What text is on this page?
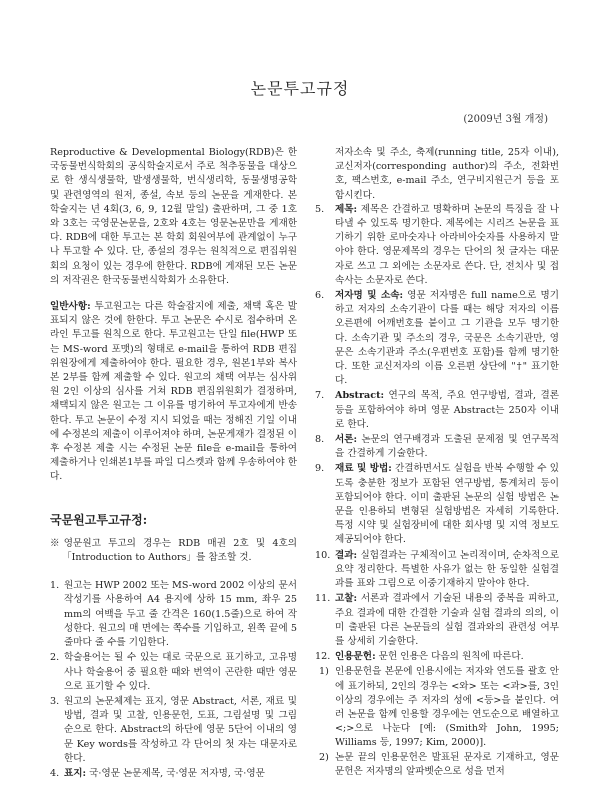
논문투고규정
(2009년 3월 개정)

Reproductive & Developmental Biology(RDB)은 한국동물번식학회의 공식학술지로서 주로 척추동물을 대상으로 한 생식생물학, 발생생물학, 번식생리학, 동물생명공학 및 관련영역의 원저, 종설, 속보 등의 논문을 게재한다. 본 학술지는 년 4회(3, 6, 9, 12월 말일) 출판하며, 그 중 1호와 3호는 국영문논문을, 2호와 4호는 영문논문만을 게재한다. RDB에 대한 투고는 본 학회 회원여부에 관계없이 누구나 투고할 수 있다. 단, 종설의 경우는 원칙적으로 편집위원회의 요청이 있는 경우에 한한다. RDB에 게재된 모든 논문의 저작권은 한국동물번식학회가 소유한다.

일반사항: 투고원고는 다른 학술잡지에 제출, 채택 혹은 발표되지 않은 것에 한한다. 투고 논문은 수시로 접수하며 온라인 투고를 원칙으로 한다. 투고원고는 단일 file(HWP 또는 MS-word 포맷)의 형태로 e-mail을 통하여 RDB 편집위원장에게 제출하여야 한다. 필요한 경우, 원본1부와 복사본 2부를 함께 제출할 수 있다. 원고의 채택 여부는 심사위원 2인 이상의 심사를 거쳐 RDB 편집위원회가 결정하며, 채택되지 않은 원고는 그 이유를 명기하여 투고자에게 반송한다. 투고 논문이 수정 지시 되었을 때는 정해진 기일 이내에 수정본의 제출이 이루어져야 하며, 논문게재가 결정된 이 후 수정본 제출 시는 수정된 논문 file을 e-mail을 통하여 제출하거나 인쇄본1부를 파일 디스켓과 함께 우송하여야 한다.

국문원고투고규정:

※영문원고 투고의 경우는 RDB 매권 2호 및 4호의 「Introduction to Authors」를 참조할 것.

1. 원고는 HWP 2002 또는 MS-word 2002 이상의 문서작성기를 사용하여 A4 용지에 상하 15 mm, 좌우 25 mm의 여백을 두고 줄 간격은 160(1.5줄)으로 하여 작성한다. 원고의 매 면에는 쪽수를 기입하고, 왼쪽 끝에 5줄마다 줄 수를 기입한다.
2. 학술용어는 될 수 있는 대로 국문으로 표기하고, 고유명사나 학술용어 중 필요한 때와 번역이 곤란한 때만 영문으로 표기할 수 있다.
3. 원고의 논문체제는 표지, 영문 Abstract, 서론, 재료 및 방법, 결과 및 고찰, 인용문헌, 도표, 그림설명 및 그림 순으로 한다. Abstract의 하단에 영문 5단어 이내의 영문 Key words를 작성하고 각 단어의 첫 자는 대문자로 한다.
4. 표지: 국·영문 논문제목, 국·영문 저자명, 국·영문

저자소속 및 주소, 축제(running title, 25자 이내), 교신저자(corresponding author)의 주소, 전화번호, 팩스번호, e-mail 주소, 연구비지원근거 등을 포함시킨다.

5. 제목: 제목은 간결하고 명확하며 논문의 특징을 잘 나타낼 수 있도록 명기한다. 제목에는 시리즈 논문을 표기하기 위한 로마숫자나 아라비아숫자를 사용하지 말아야 한다. 영문제목의 경우는 단어의 첫 글자는 대문자로 쓰고 그 외에는 소문자로 쓴다. 단, 전치사 및 접속사는 소문자로 쓴다.
6. 저자명 및 소속: 영문 저자명은 full name으로 명기하고 저자의 소속기관이 다를 때는 해당 저자의 이름 오른편에 어깨번호를 붙이고 그 기관을 모두 명기한다. 소속기관 및 주소의 경우, 국문은 소속기관만, 영문은 소속기관과 주소(우편번호 포함)를 함께 명기한다. 또한 교신저자의 이름 오른편 상단에 "†" 표기한다.
7. Abstract: 연구의 목적, 주요 연구방법, 결과, 결론 등을 포함하여야 하며 영문 Abstract는 250자 이내로 한다.
8. 서론: 논문의 연구배경과 도출된 문제점 및 연구목적을 간결하게 기술한다.
9. 재료 및 방법: 간결하면서도 실험을 반복 수행할 수 있도록 충분한 정보가 포함된 연구방법, 통계처리 등이 포함되어야 한다. 이미 출판된 논문의 실험 방법은 논문을 인용하되 변형된 실험방법은 자세히 기록한다. 특정 시약 및 실험장비에 대한 회사명 및 지역 정보도 제공되어야 한다.
10. 결과: 실험결과는 구체적이고 논리적이며, 순차적으로 요약 정리한다. 특별한 사유가 없는 한 동일한 실험결과를 표와 그림으로 이중기재하지 말아야 한다.
11. 고찰: 서론과 결과에서 기술된 내용의 중복을 피하고, 주요 결과에 대한 간결한 기술과 실험 결과의 의의, 이미 출판된 다른 논문들의 실험 결과와의 관련성 여부를 상세히 기술한다.
12. 인용문헌: 문헌 인용은 다음의 원칙에 따른다.
1) 인용문헌을 본문에 인용시에는 저자와 연도를 괄호 안에 표기하되, 2인의 경우는 <와> 또는 <과>를, 3인 이상의 경우에는 주 저자의 성에 <등>을 붙인다. 여러 논문을 함께 인용할 경우에는 연도순으로 배열하고 <;>으로 나눈다 [예: (Smith와 John, 1995; Williams 등, 1997; Kim, 2000)].
2) 논문 끝의 인용문헌은 발표된 문자로 기재하고, 영문 문헌은 저자명의 알파벳순으로 성을 먼저
